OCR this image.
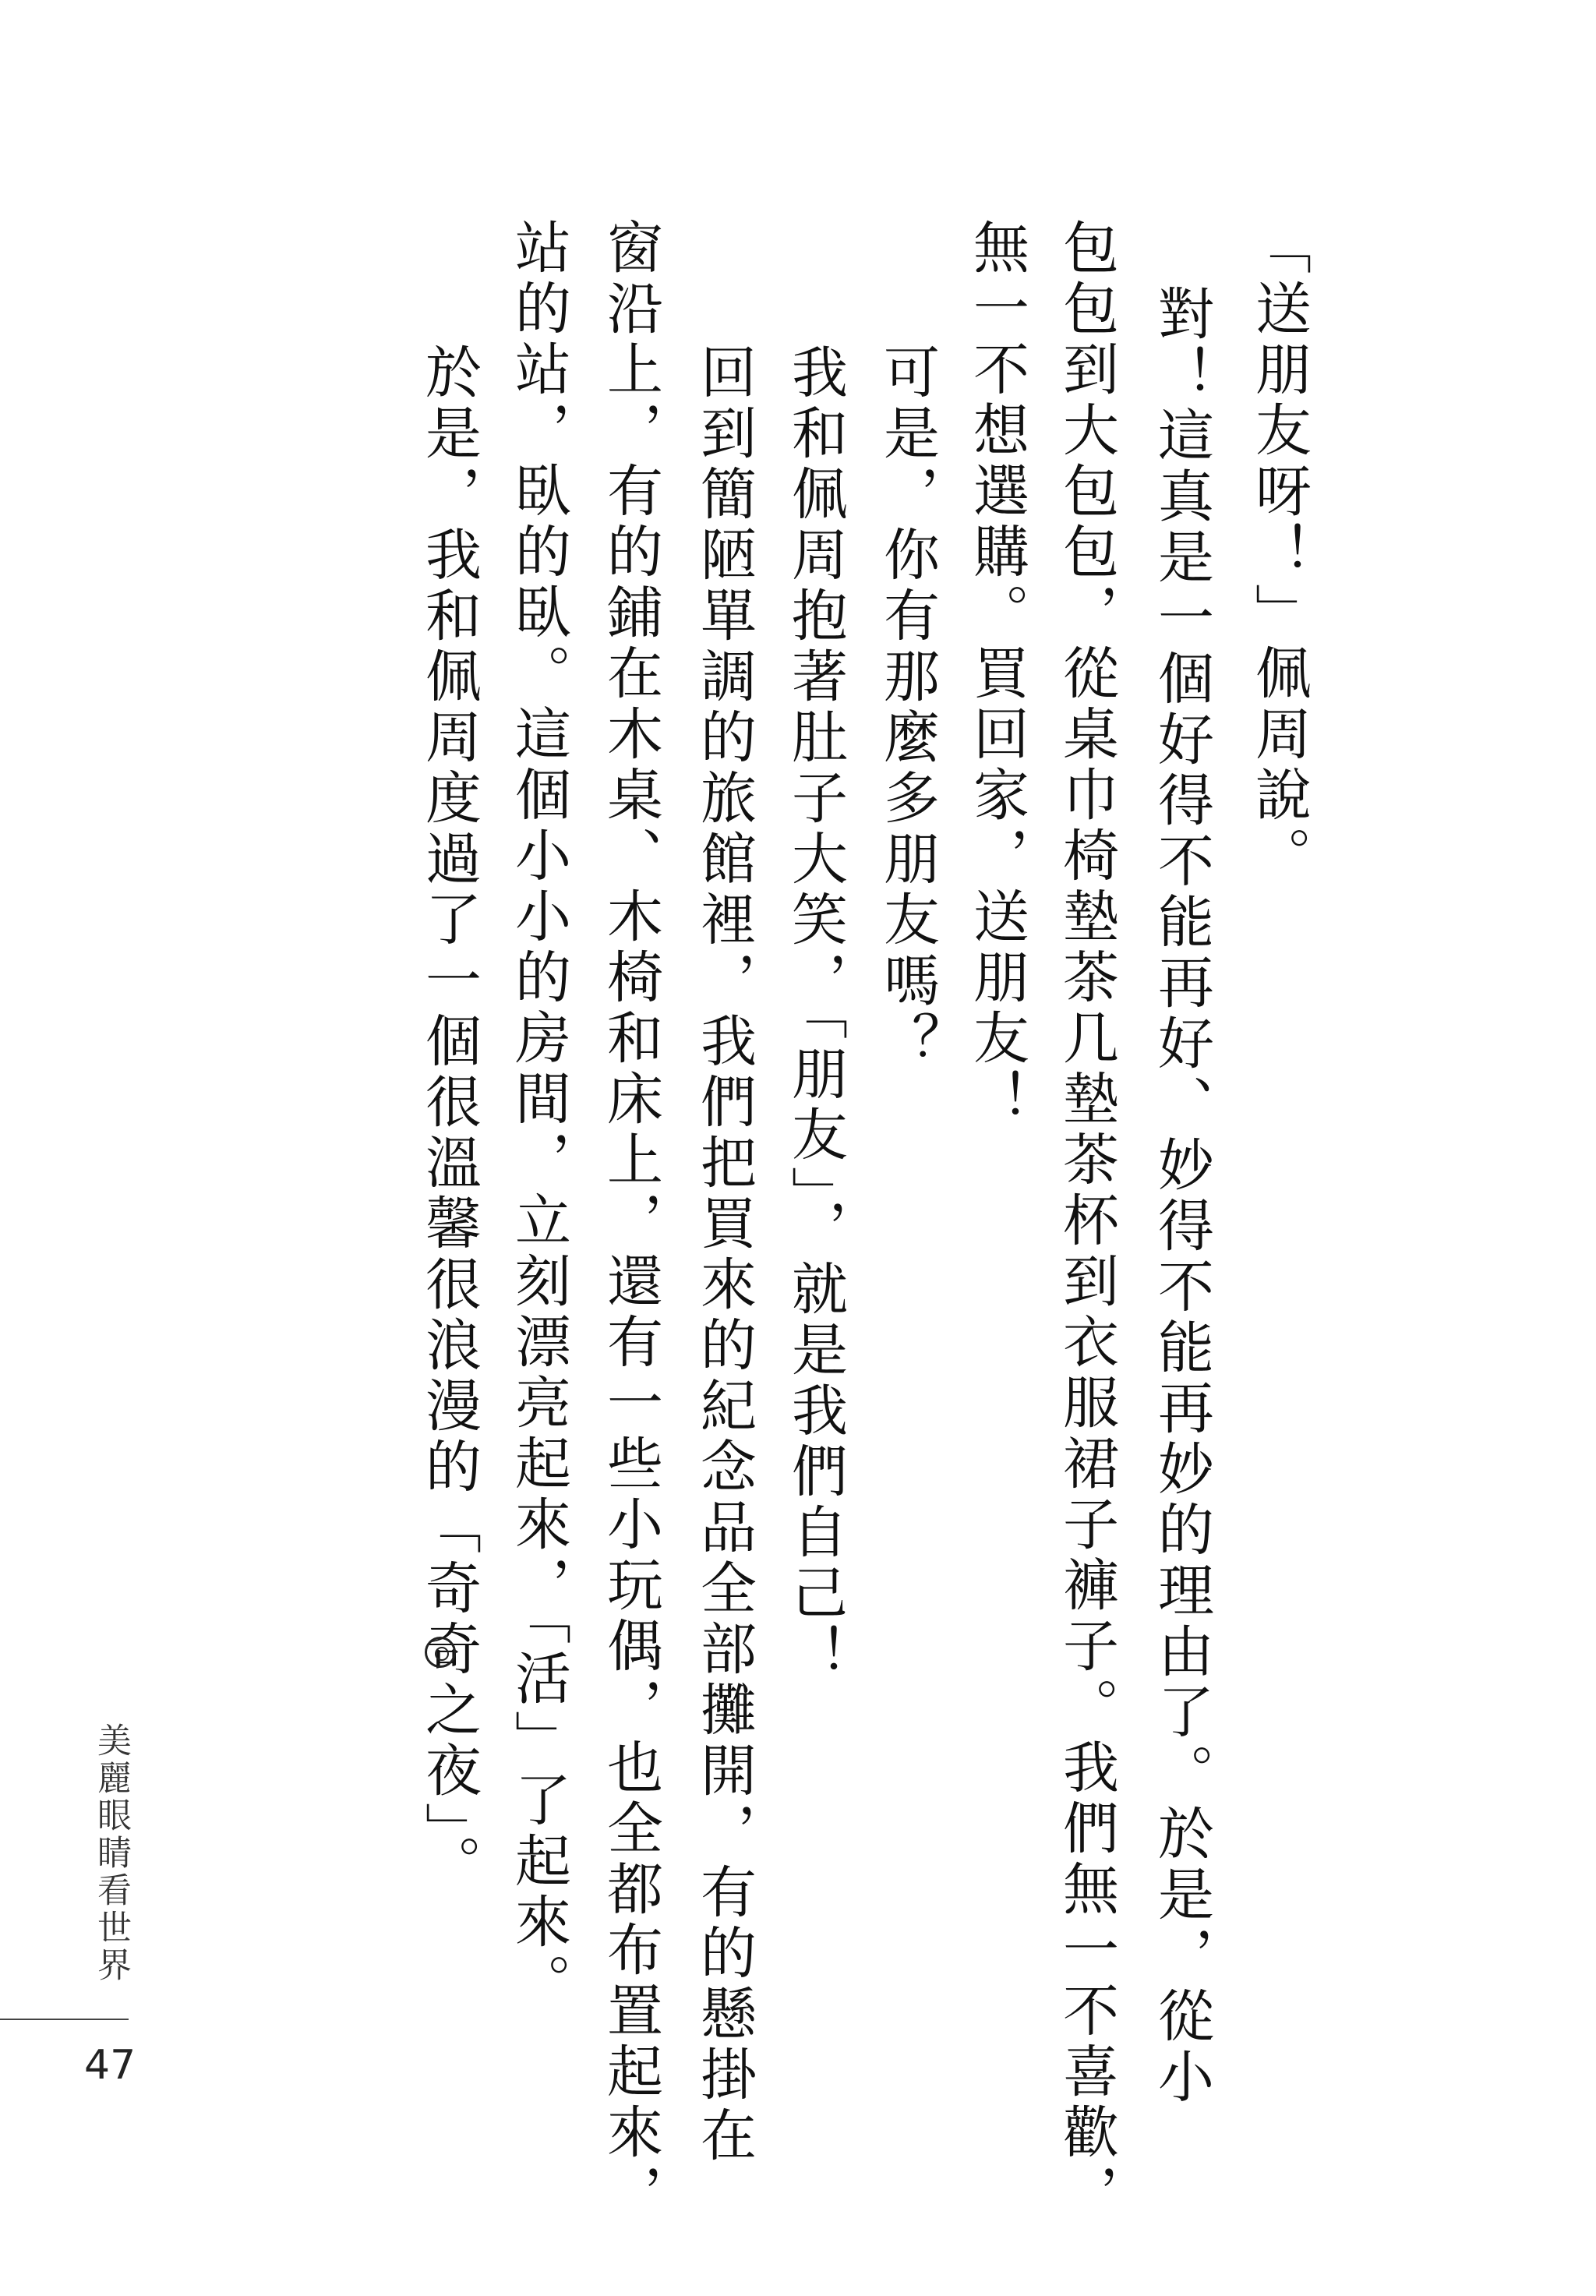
「送朋友呀！」佩周說。
對！這真是一個好得不能再好、妙得不能再妙的理由了。於是，從小
包包到大包包，從桌巾椅墊茶几墊茶杯到衣服裙子褲子。我們無一不喜歡，
無一不想選購。買回家，送朋友！
可是，你有那麼多朋友嗎？
我和佩周抱著肚子大笑，「朋友」，就是我們自己！
回到簡陋單調的旅館裡，我們把買來的紀念品全部攤開，有的懸掛在
窗沿上，有的鋪在木桌、木椅和床上，還有一些小玩偶，也全都布置起來，
站的站，臥的臥。這個小小的房間，立刻漂亮起來，「活」了起來。
於是，我和佩周度過了一個很溫馨很浪漫的「奇奇之夜」。
美麗眼睛看世界
47
